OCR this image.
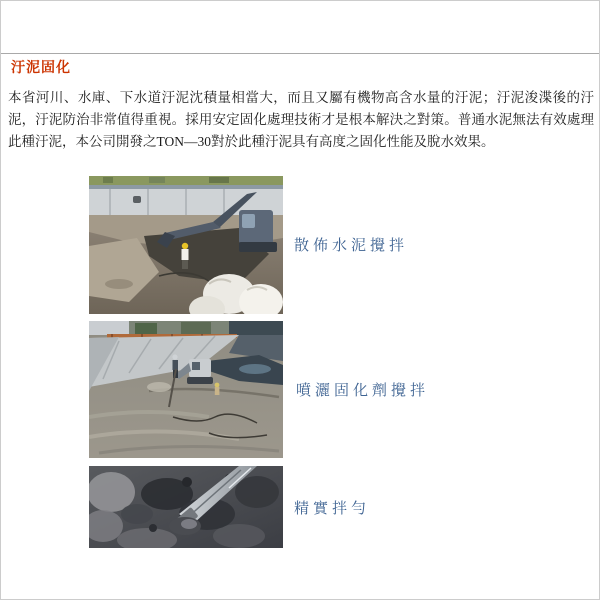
汙泥固化

本省河川、水庫、下水道汙泥沈積量相當大，而且又屬有機物高含水量的汙泥；汙泥浚渫後的汙泥，汙泥防治非常值得重視。採用安定固化處理技術才是根本解決之對策。普通水泥無法有效處理此種汙泥，本公司開發之TON—30對於此種汙泥具有高度之固化性能及脫水效果。

散佈水泥攪拌
噴灑固化劑攪拌
精實拌勻
